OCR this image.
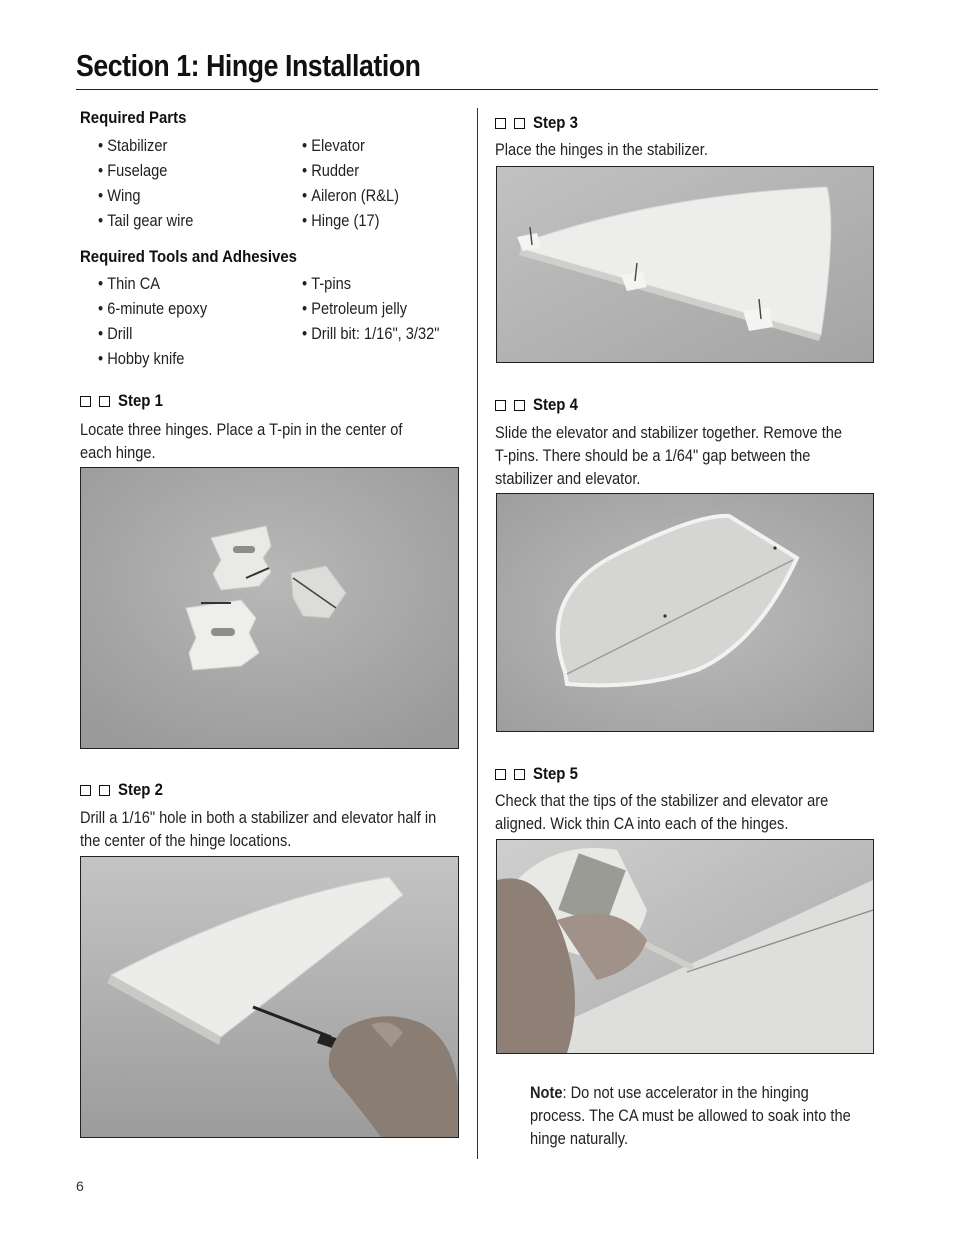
Section 1: Hinge Installation
Required Parts
• Stabilizer
• Fuselage
• Wing
• Tail gear wire
• Elevator
• Rudder
• Aileron (R&L)
• Hinge (17)
Required Tools and Adhesives
• Thin CA
• 6-minute epoxy
• Drill
• Hobby knife
• T-pins
• Petroleum jelly
• Drill bit: 1/16", 3/32"
Step 1
Locate three hinges. Place a T-pin in the center of each hinge.
Step 2
Drill a 1/16" hole in both a stabilizer and elevator half in the center of the hinge locations.
Step 3
Place the hinges in the stabilizer.
Step 4
Slide the elevator and stabilizer together. Remove the T-pins. There should be a 1/64" gap between the stabilizer and elevator.
Step 5
Check that the tips of the stabilizer and elevator are aligned. Wick thin CA into each of the hinges.
Note: Do not use accelerator in the hinging process. The CA must be allowed to soak into the hinge naturally.
6
